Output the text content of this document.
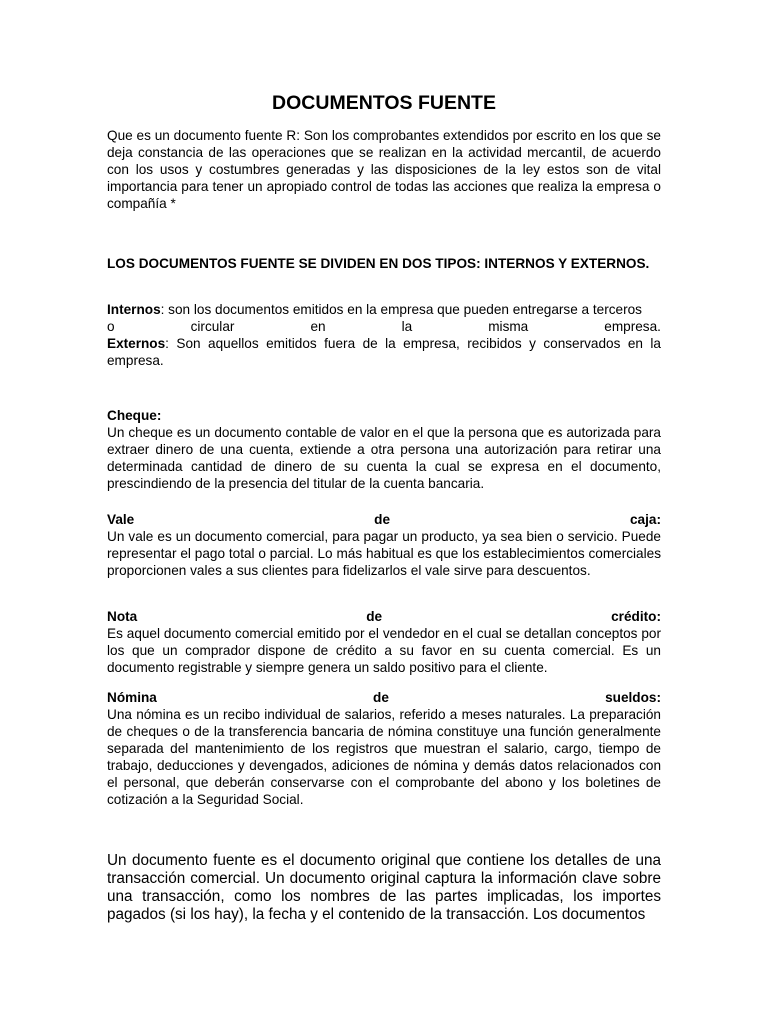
DOCUMENTOS FUENTE
Que es un documento fuente R: Son los comprobantes extendidos por escrito en los que se deja constancia de las operaciones que se realizan en la actividad mercantil, de acuerdo con los usos y costumbres generadas y las disposiciones de la ley estos son de vital importancia para tener un apropiado control de todas las acciones que realiza la empresa o compañía *
LOS DOCUMENTOS FUENTE SE DIVIDEN EN DOS TIPOS: INTERNOS Y EXTERNOS.
Internos: son los documentos emitidos en la empresa que pueden entregarse a terceros
o	circular	en	la	misma	empresa.
Externos: Son aquellos emitidos fuera de la empresa, recibidos y conservados en la empresa.
Cheque:
Un cheque es un documento contable de valor en el que la persona que es autorizada para extraer dinero de una cuenta, extiende a otra persona una autorización para retirar una determinada cantidad de dinero de su cuenta la cual se expresa en el documento, prescindiendo de la presencia del titular de la cuenta bancaria.
Vale	de	caja:
Un vale es un documento comercial, para pagar un producto, ya sea bien o servicio. Puede representar el pago total o parcial. Lo más habitual es que los establecimientos comerciales proporcionen vales a sus clientes para fidelizarlos el vale sirve para descuentos.
Nota	de	crédito:
Es aquel documento comercial emitido por el vendedor en el cual se detallan conceptos por los que un comprador dispone de crédito a su favor en su cuenta comercial. Es un documento registrable y siempre genera un saldo positivo para el cliente.
Nómina	de	sueldos:
Una nómina es un recibo individual de salarios, referido a meses naturales. La preparación de cheques o de la transferencia bancaria de nómina constituye una función generalmente separada del mantenimiento de los registros que muestran el salario, cargo, tiempo de trabajo, deducciones y devengados, adiciones de nómina y demás datos relacionados con el personal, que deberán conservarse con el comprobante del abono y los boletines de cotización a la Seguridad Social.
Un documento fuente es el documento original que contiene los detalles de una transacción comercial. Un documento original captura la información clave sobre una transacción, como los nombres de las partes implicadas, los importes pagados (si los hay), la fecha y el contenido de la transacción. Los documentos
